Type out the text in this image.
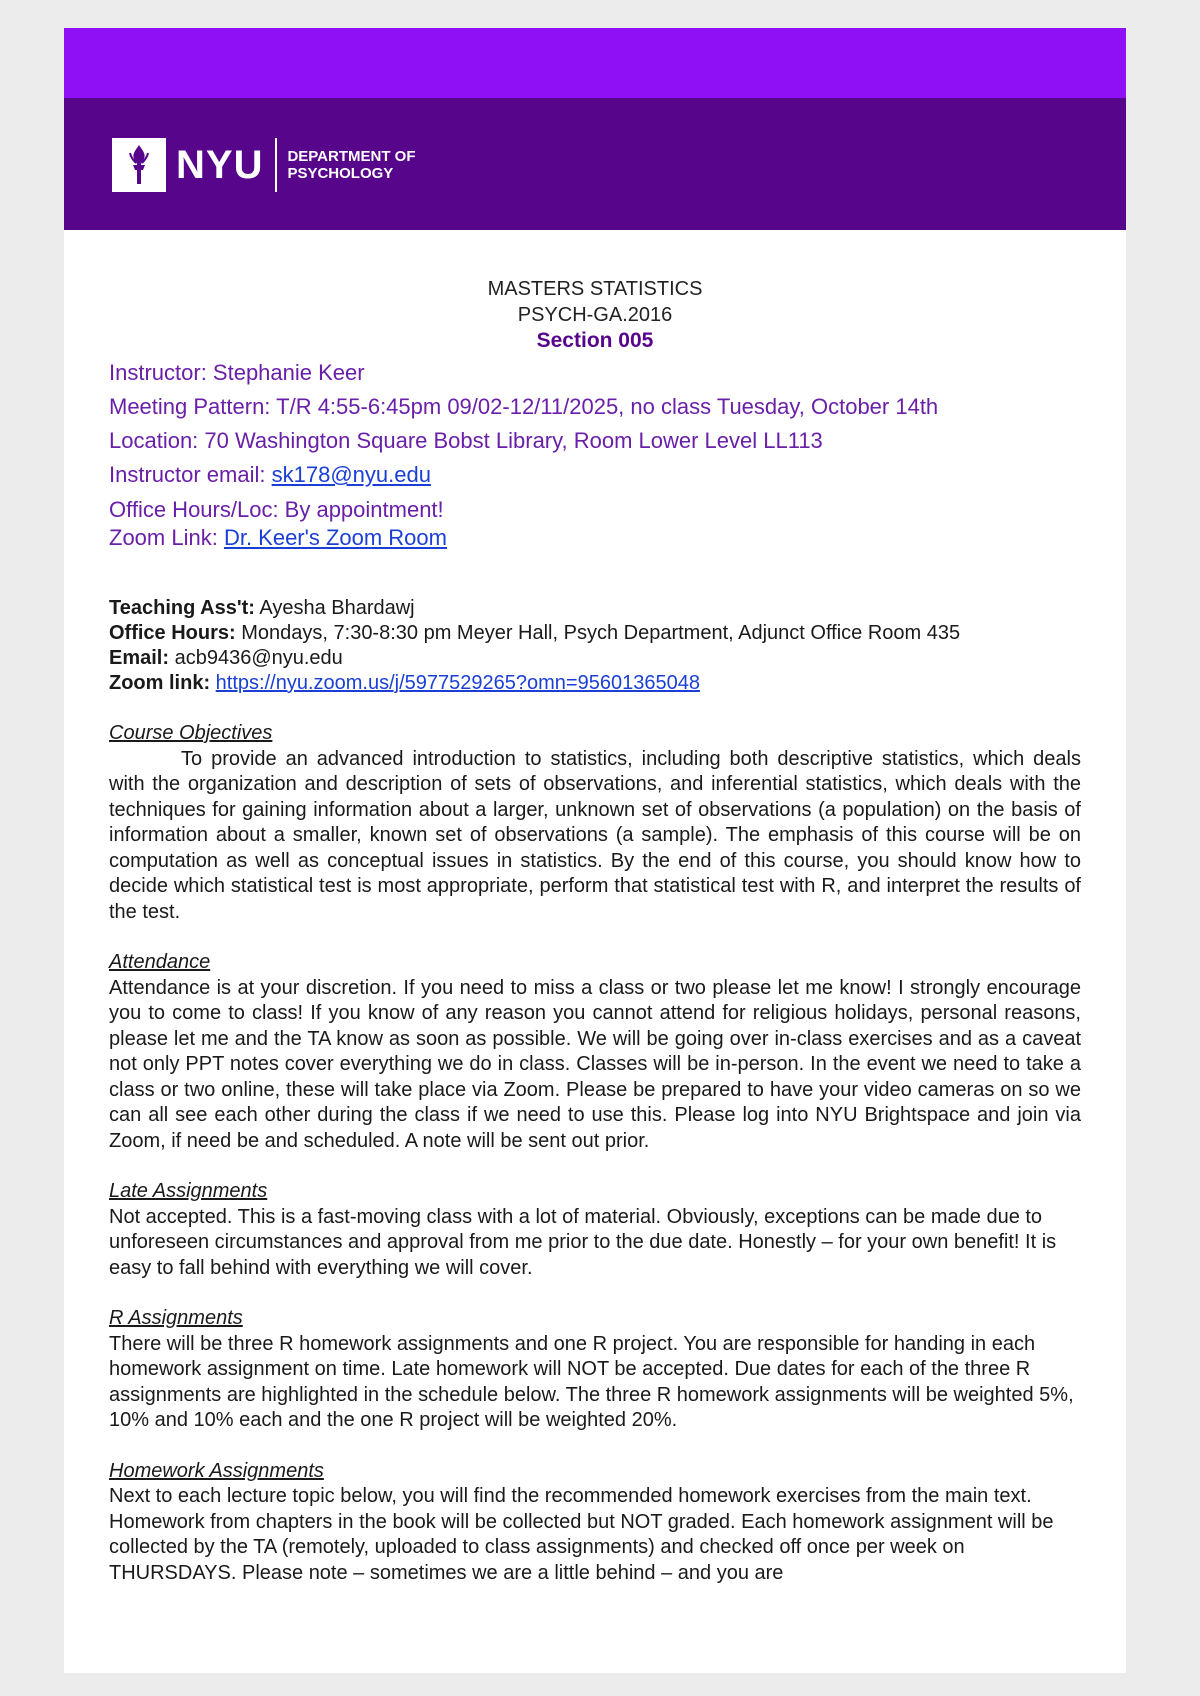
NYU DEPARTMENT OF
PSYCHOLOGY
MASTERS STATISTICS
PSYCH-GA.2016
Section 005
Instructor: Stephanie Keer
Meeting Pattern: T/R 4:55-6:45pm 09/02-12/11/2025, no class Tuesday, October 14th
Location: 70 Washington Square Bobst Library, Room Lower Level LL113
Instructor email: sk178@nyu.edu
Office Hours/Loc: By appointment!
Zoom Link: Dr. Keer's Zoom Room
Teaching Ass't: Ayesha Bhardawj
Office Hours: Mondays, 7:30-8:30 pm Meyer Hall, Psych Department, Adjunct Office Room 435
Email: acb9436@nyu.edu
Zoom link: https://nyu.zoom.us/j/5977529265?omn=95601365048
Course Objectives
To provide an advanced introduction to statistics, including both descriptive statistics, which deals with the organization and description of sets of observations, and inferential statistics, which deals with the techniques for gaining information about a larger, unknown set of observations (a population) on the basis of information about a smaller, known set of observations (a sample). The emphasis of this course will be on computation as well as conceptual issues in statistics. By the end of this course, you should know how to decide which statistical test is most appropriate, perform that statistical test with R, and interpret the results of the test.
Attendance
Attendance is at your discretion. If you need to miss a class or two please let me know! I strongly encourage you to come to class! If you know of any reason you cannot attend for religious holidays, personal reasons, please let me and the TA know as soon as possible. We will be going over in-class exercises and as a caveat not only PPT notes cover everything we do in class. Classes will be in-person. In the event we need to take a class or two online, these will take place via Zoom. Please be prepared to have your video cameras on so we can all see each other during the class if we need to use this. Please log into NYU Brightspace and join via Zoom, if need be and scheduled. A note will be sent out prior.
Late Assignments
Not accepted. This is a fast-moving class with a lot of material. Obviously, exceptions can be made due to unforeseen circumstances and approval from me prior to the due date. Honestly – for your own benefit! It is easy to fall behind with everything we will cover.
R Assignments
There will be three R homework assignments and one R project. You are responsible for handing in each homework assignment on time. Late homework will NOT be accepted. Due dates for each of the three R assignments are highlighted in the schedule below. The three R homework assignments will be weighted 5%, 10% and 10% each and the one R project will be weighted 20%.
Homework Assignments
Next to each lecture topic below, you will find the recommended homework exercises from the main text. Homework from chapters in the book will be collected but NOT graded. Each homework assignment will be collected by the TA (remotely, uploaded to class assignments) and checked off once per week on THURSDAYS. Please note – sometimes we are a little behind – and you are
